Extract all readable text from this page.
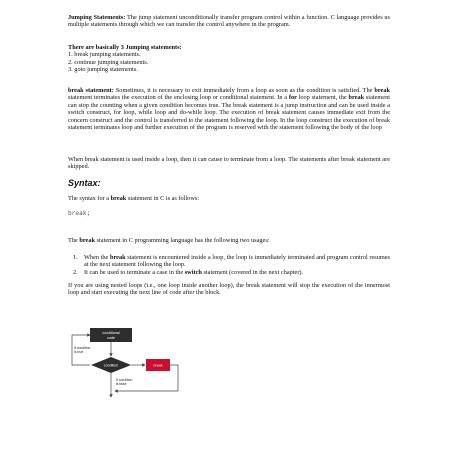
Jumping Statements: The jump statement unconditionally transfer program control within a function. C language provides us multiple statements through which we can transfer the control anywhere in the program.
There are basically 3 Jumping statements:
1. break jumping statements.
2. continue jumping statements.
3. goto jumping statements.
break statement: Sometimes, it is necessary to exit immediately from a loop as soon as the condition is satisfied. The break statement terminates the execution of the enclosing loop or conditional statement. In a for loop statement, the break statement can stop the counting when a given condition becomes true. The break statement is a jump instruction and can be used inside a switch construct, for loop, while loop and do-while loop. The execution of break statement causes immediate exit from the concern construct and the control is transferred to the statement following the loop. In the loop construct the execution of break statement terminates loop and further execution of the program is reserved with the statement following the body of the loop
When break statement is used inside a loop, then it can cause to terminate from a loop. The statements after break statement are skipped.
Syntax:
The syntax for a break statement in C is as follows:
break;
The break statement in C programming language has the following two usages:
1. When the break statement is encountered inside a loop, the loop is immediately terminated and program control resumes at the next statement following the loop.
2. It can be used to terminate a case in the switch statement (covered in the next chapter).
If you are using nested loops (i.e., one loop inside another loop), the break statement will stop the execution of the innermost loop and start executing the next line of code after the block.
conditional
code
condition
If condition
is true
break
If condition
is false
